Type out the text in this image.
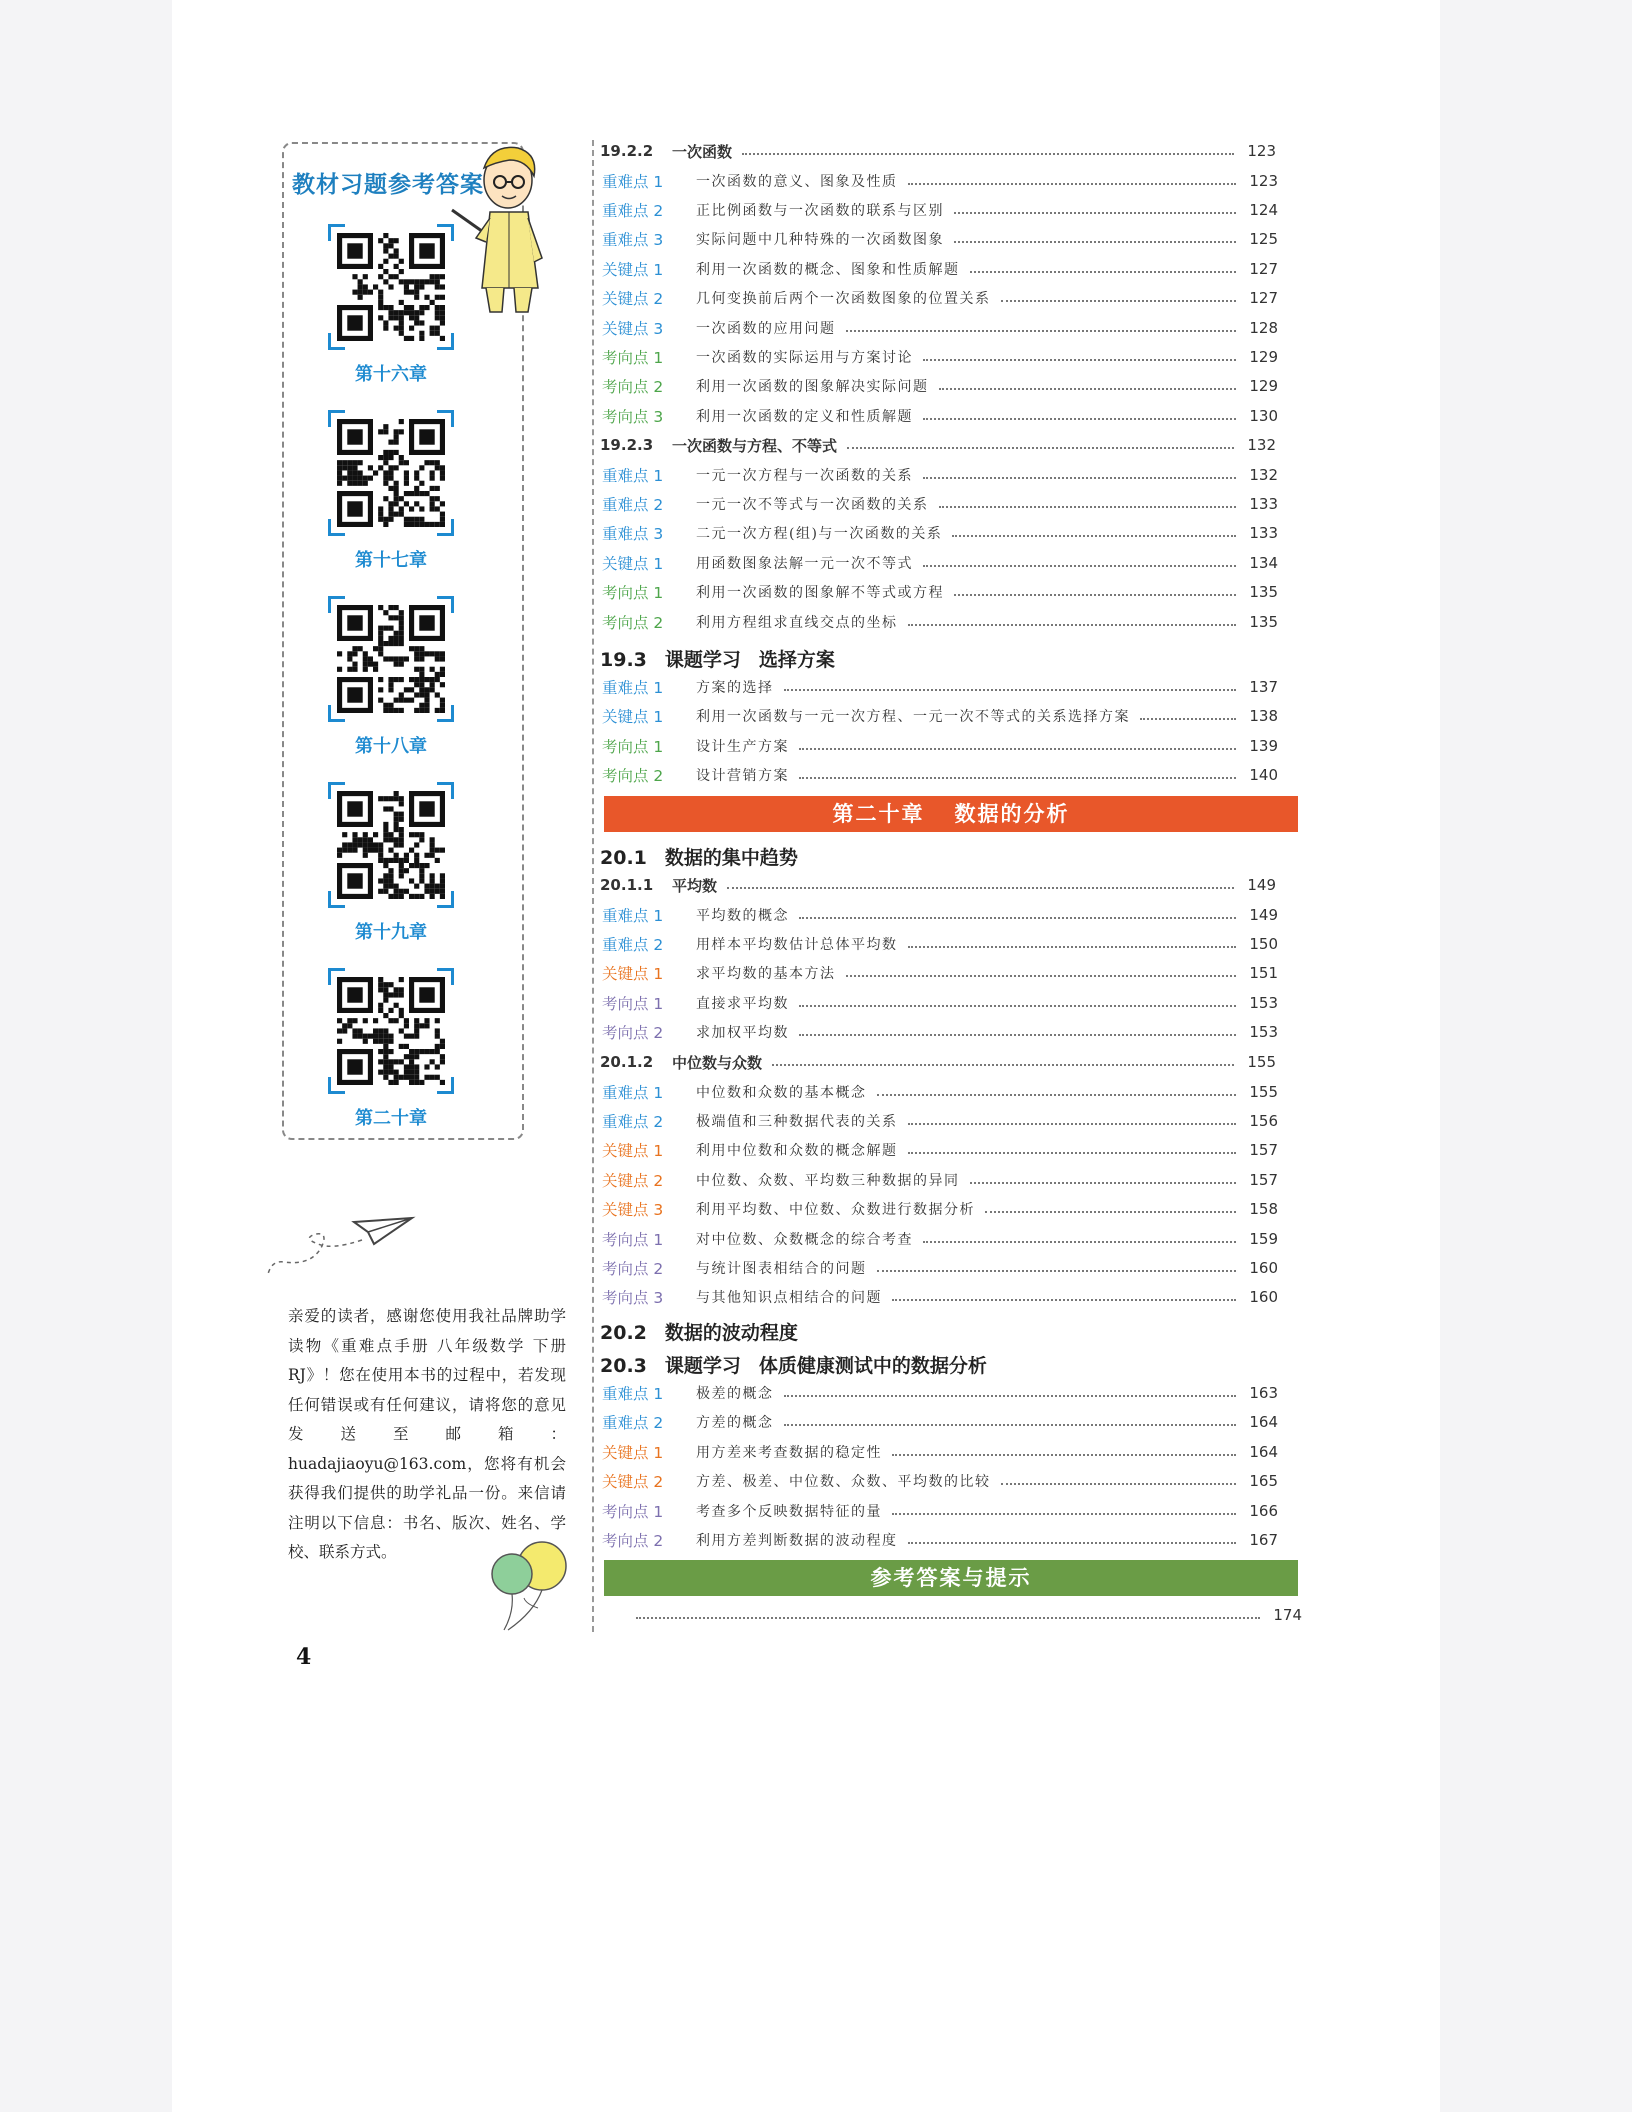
教材习题参考答案
第十六章
第十七章
第十八章
第十九章
第二十章
亲爱的读者，感谢您使用我社品牌助学读物《重难点手册 八年级数学 下册 RJ》！您在使用本书的过程中，若发现任何错误或有任何建议，请将您的意见发送至邮箱：huadajiaoyu@163.com，您将有机会获得我们提供的助学礼品一份。来信请注明以下信息：书名、版次、姓名、学校、联系方式。
4
19.2.2	一次函数	123
重难点 1	一次函数的意义、图象及性质	123
重难点 2	正比例函数与一次函数的联系与区别	124
重难点 3	实际问题中几种特殊的一次函数图象	125
关键点 1	利用一次函数的概念、图象和性质解题	127
关键点 2	几何变换前后两个一次函数图象的位置关系	127
关键点 3	一次函数的应用问题	128
考向点 1	一次函数的实际运用与方案讨论	129
考向点 2	利用一次函数的图象解决实际问题	129
考向点 3	利用一次函数的定义和性质解题	130
19.2.3	一次函数与方程、不等式	132
重难点 1	一元一次方程与一次函数的关系	132
重难点 2	一元一次不等式与一次函数的关系	133
重难点 3	二元一次方程(组)与一次函数的关系	133
关键点 1	用函数图象法解一元一次不等式	134
考向点 1	利用一次函数的图象解不等式或方程	135
考向点 2	利用方程组求直线交点的坐标	135
19.3 课题学习 选择方案
重难点 1	方案的选择	137
关键点 1	利用一次函数与一元一次方程、一元一次不等式的关系选择方案	138
考向点 1	设计生产方案	139
考向点 2	设计营销方案	140
第二十章 数据的分析
20.1 数据的集中趋势
20.1.1	平均数	149
重难点 1	平均数的概念	149
重难点 2	用样本平均数估计总体平均数	150
关键点 1	求平均数的基本方法	151
考向点 1	直接求平均数	153
考向点 2	求加权平均数	153
20.1.2	中位数与众数	155
重难点 1	中位数和众数的基本概念	155
重难点 2	极端值和三种数据代表的关系	156
关键点 1	利用中位数和众数的概念解题	157
关键点 2	中位数、众数、平均数三种数据的异同	157
关键点 3	利用平均数、中位数、众数进行数据分析	158
考向点 1	对中位数、众数概念的综合考查	159
考向点 2	与统计图表相结合的问题	160
考向点 3	与其他知识点相结合的问题	160
20.2 数据的波动程度
20.3 课题学习 体质健康测试中的数据分析
重难点 1	极差的概念	163
重难点 2	方差的概念	164
关键点 1	用方差来考查数据的稳定性	164
关键点 2	方差、极差、中位数、众数、平均数的比较	165
考向点 1	考查多个反映数据特征的量	166
考向点 2	利用方差判断数据的波动程度	167
参考答案与提示
174
